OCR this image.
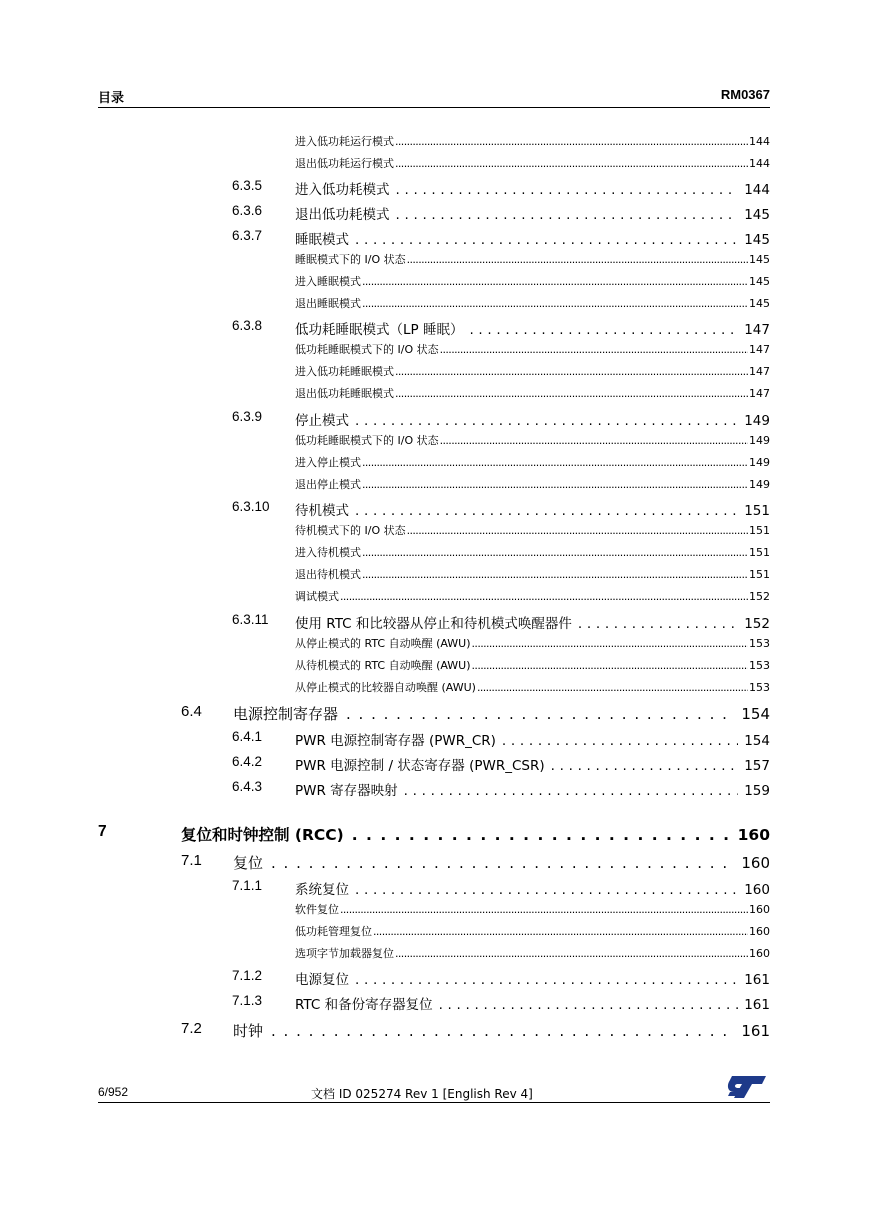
目录	RM0367
进入低功耗运行模式 .....	144
退出低功耗运行模式 .....	144
6.3.5 进入低功耗模式 . . .	144
6.3.6 退出低功耗模式 . . .	145
6.3.7 睡眠模式 . . .	145
睡眠模式下的 I/O 状态 .....	145
进入睡眠模式 .....	145
退出睡眠模式 .....	145
6.3.8 低功耗睡眠模式（LP 睡眠） . . .	147
低功耗睡眠模式下的 I/O 状态 .....	147
进入低功耗睡眠模式 .....	147
退出低功耗睡眠模式 .....	147
6.3.9 停止模式 . . .	149
低功耗睡眠模式下的 I/O 状态 .....	149
进入停止模式 .....	149
退出停止模式 .....	149
6.3.10 待机模式 . . .	151
待机模式下的 I/O 状态 .....	151
进入待机模式 .....	151
退出待机模式 .....	151
调试模式 .....	152
6.3.11 使用 RTC 和比较器从停止和待机模式唤醒器件 . . .	152
从停止模式的 RTC 自动唤醒 (AWU) .....	153
从待机模式的 RTC 自动唤醒 (AWU) .....	153
从停止模式的比较器自动唤醒 (AWU) .....	153
6.4 电源控制寄存器 . . .	154
6.4.1 PWR 电源控制寄存器 (PWR_CR) . . .	154
6.4.2 PWR 电源控制 / 状态寄存器 (PWR_CSR) . . .	157
6.4.3 PWR 寄存器映射 . . .	159
7	复位和时钟控制 (RCC) . . .	160
7.1 复位 . . .	160
7.1.1 系统复位 . . .	160
软件复位 .....	160
低功耗管理复位 .....	160
选项字节加载器复位 .....	160
7.1.2 电源复位 . . .	161
7.1.3 RTC 和备份寄存器复位 . . .	161
7.2 时钟 . . .	161
6/952	文档 ID 025274 Rev 1 [English Rev 4]
